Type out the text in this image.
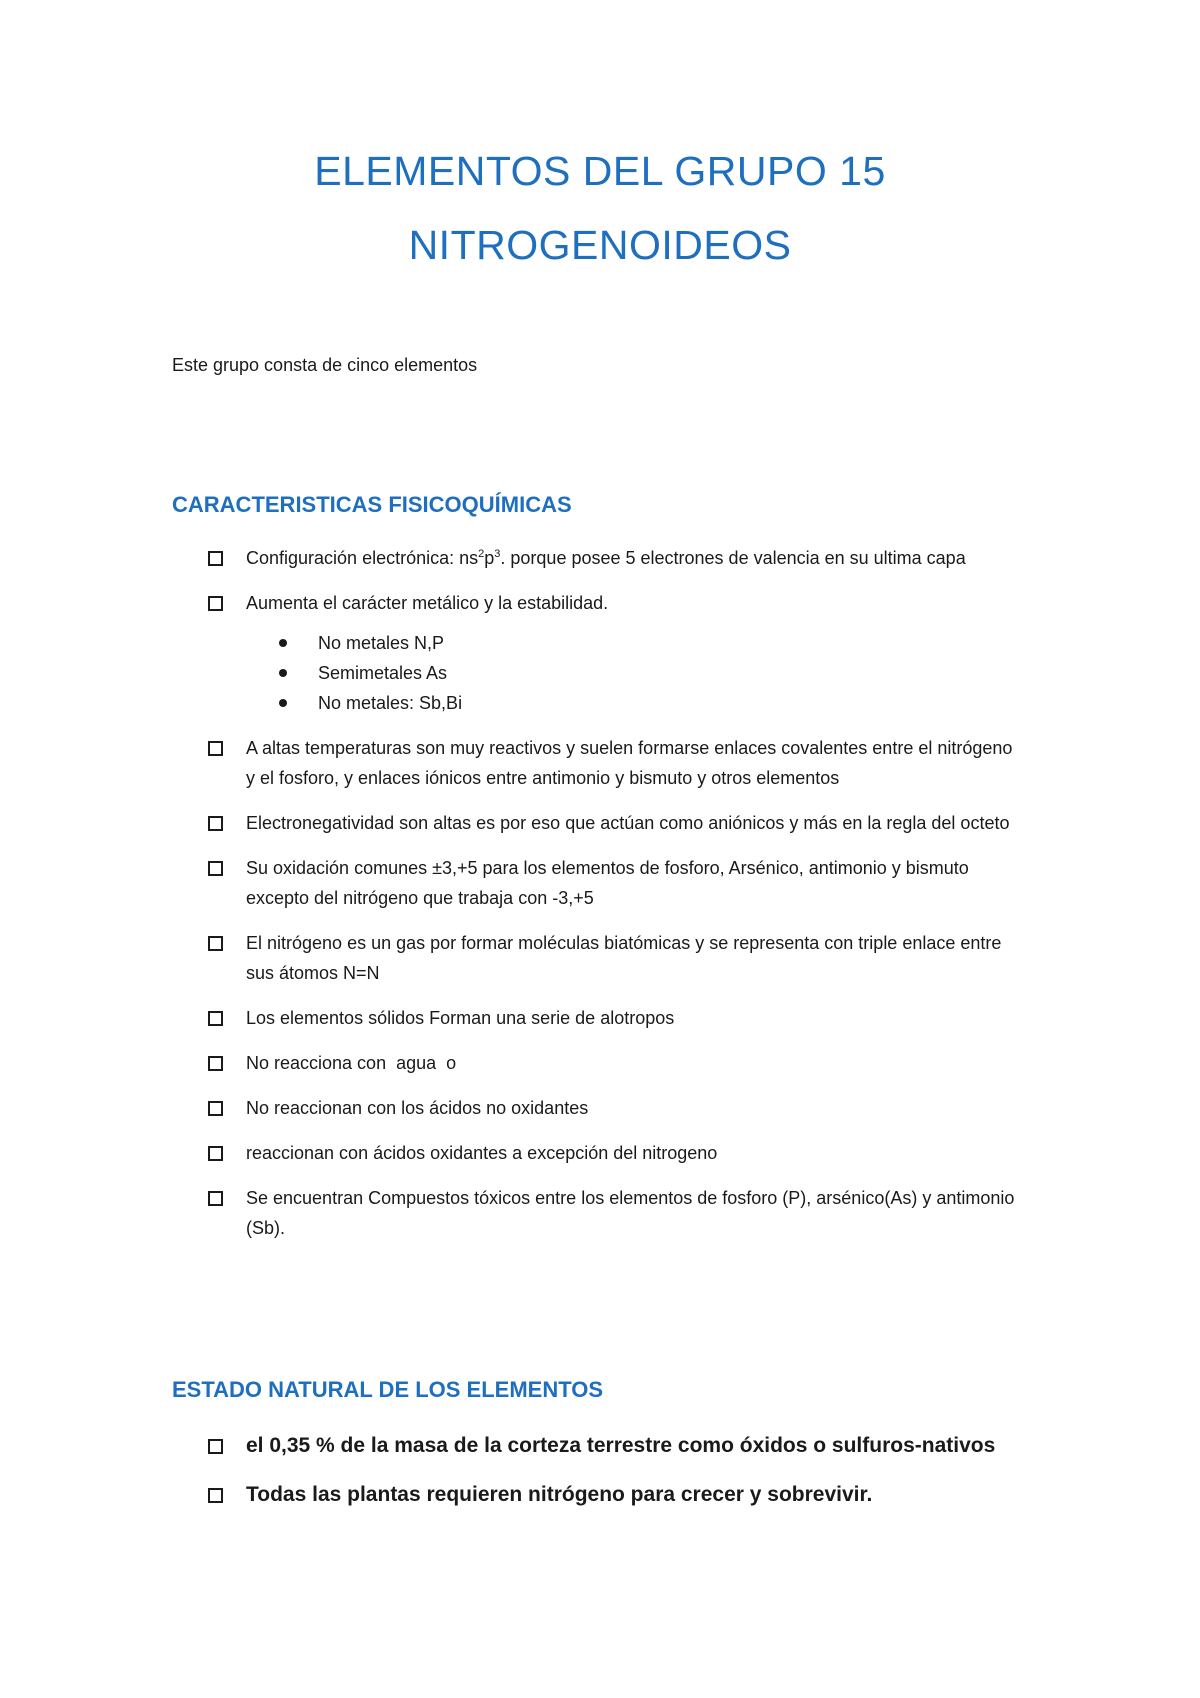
ELEMENTOS DEL GRUPO 15
NITROGENOIDEOS

Este grupo consta de cinco elementos

CARACTERISTICAS FISICOQUÍMICAS
Configuración electrónica: $ns^2p^3$. porque posee 5 electrones de valencia en su ultima capa
Aumenta el carácter metálico y la estabilidad.
No metales N,P
Semimetales As
No metales: Sb,Bi
A altas temperaturas son muy reactivos y suelen formarse enlaces covalentes entre el nitrógeno y el fosforo, y enlaces iónicos entre antimonio y bismuto y otros elementos
Electronegatividad son altas es por eso que actúan como aniónicos y más en la regla del octeto
Su oxidación comunes ±3,+5 para los elementos de fosforo, Arsénico, antimonio y bismuto excepto del nitrógeno que trabaja con -3,+5
El nitrógeno es un gas por formar moléculas biatómicas y se representa con triple enlace entre sus átomos N=N
Los elementos sólidos Forman una serie de alotropos
No reacciona con  agua  o
No reaccionan con los ácidos no oxidantes
reaccionan con ácidos oxidantes a excepción del nitrogeno
Se encuentran Compuestos tóxicos entre los elementos de fosforo (P), arsénico(As) y antimonio (Sb).
ESTADO NATURAL DE LOS ELEMENTOS
el 0,35 % de la masa de la corteza terrestre como óxidos o sulfuros-nativos
Todas las plantas requieren nitrógeno para crecer y sobrevivir.
